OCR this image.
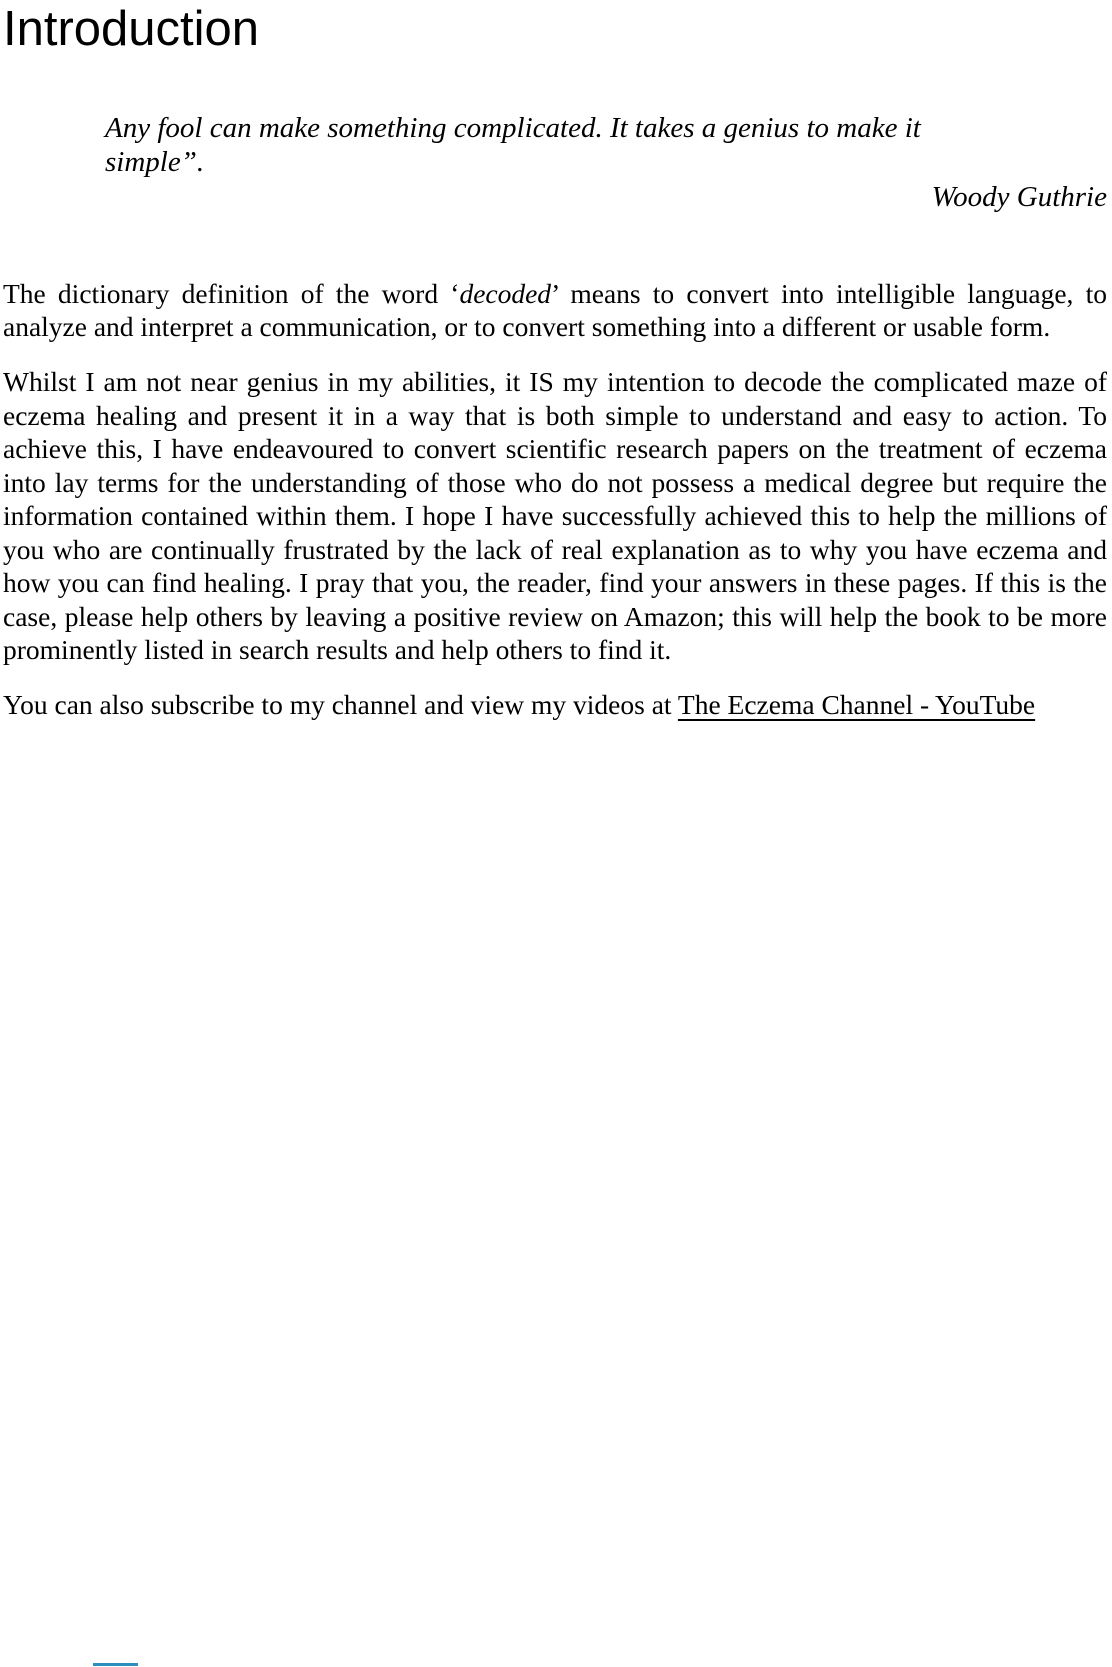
Introduction
Any fool can make something complicated. It takes a genius to make it simple”.
Woody Guthrie

The dictionary definition of the word ‘decoded’ means to convert into intelligible language, to analyze and interpret a communication, or to convert something into a different or usable form.

Whilst I am not near genius in my abilities, it IS my intention to decode the complicated maze of eczema healing and present it in a way that is both simple to understand and easy to action. To achieve this, I have endeavoured to convert scientific research papers on the treatment of eczema into lay terms for the understanding of those who do not possess a medical degree but require the information contained within them. I hope I have successfully achieved this to help the millions of you who are continually frustrated by the lack of real explanation as to why you have eczema and how you can find healing. I pray that you, the reader, find your answers in these pages. If this is the case, please help others by leaving a positive review on Amazon; this will help the book to be more prominently listed in search results and help others to find it.

You can also subscribe to my channel and view my videos at The Eczema Channel - YouTube
